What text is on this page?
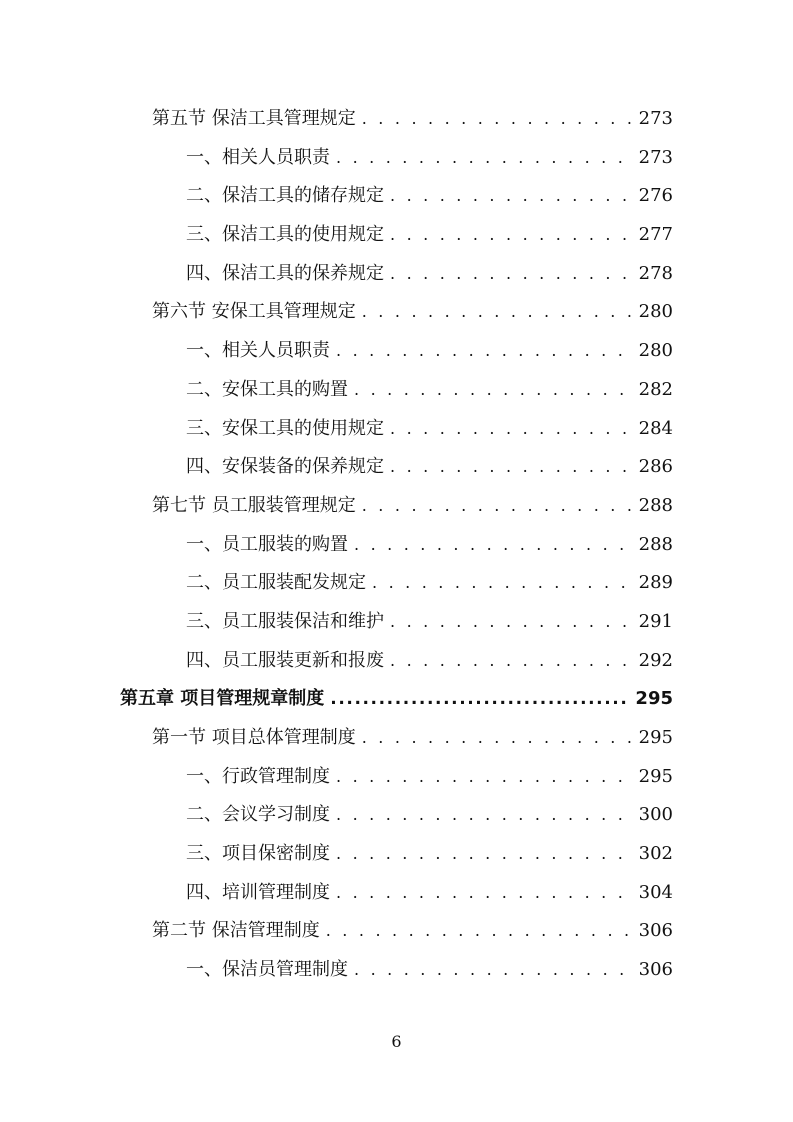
第五节 保洁工具管理规定 . . .	273
一、相关人员职责 . . .	273
二、保洁工具的储存规定 . . .	276
三、保洁工具的使用规定 . . .	277
四、保洁工具的保养规定 . . .	278
第六节 安保工具管理规定 . . .	280
一、相关人员职责 . . .	280
二、安保工具的购置 . . .	282
三、安保工具的使用规定 . . .	284
四、安保装备的保养规定 . . .	286
第七节 员工服装管理规定 . . .	288
一、员工服装的购置 . . .	288
二、员工服装配发规定 . . .	289
三、员工服装保洁和维护 . . .	291
四、员工服装更新和报废 . . .	292
第五章 项目管理规章制度 .....	295
第一节 项目总体管理制度 . . .	295
一、行政管理制度 . . .	295
二、会议学习制度 . . .	300
三、项目保密制度 . . .	302
四、培训管理制度 . . .	304
第二节 保洁管理制度 . . .	306
一、保洁员管理制度 . . .	306
6
